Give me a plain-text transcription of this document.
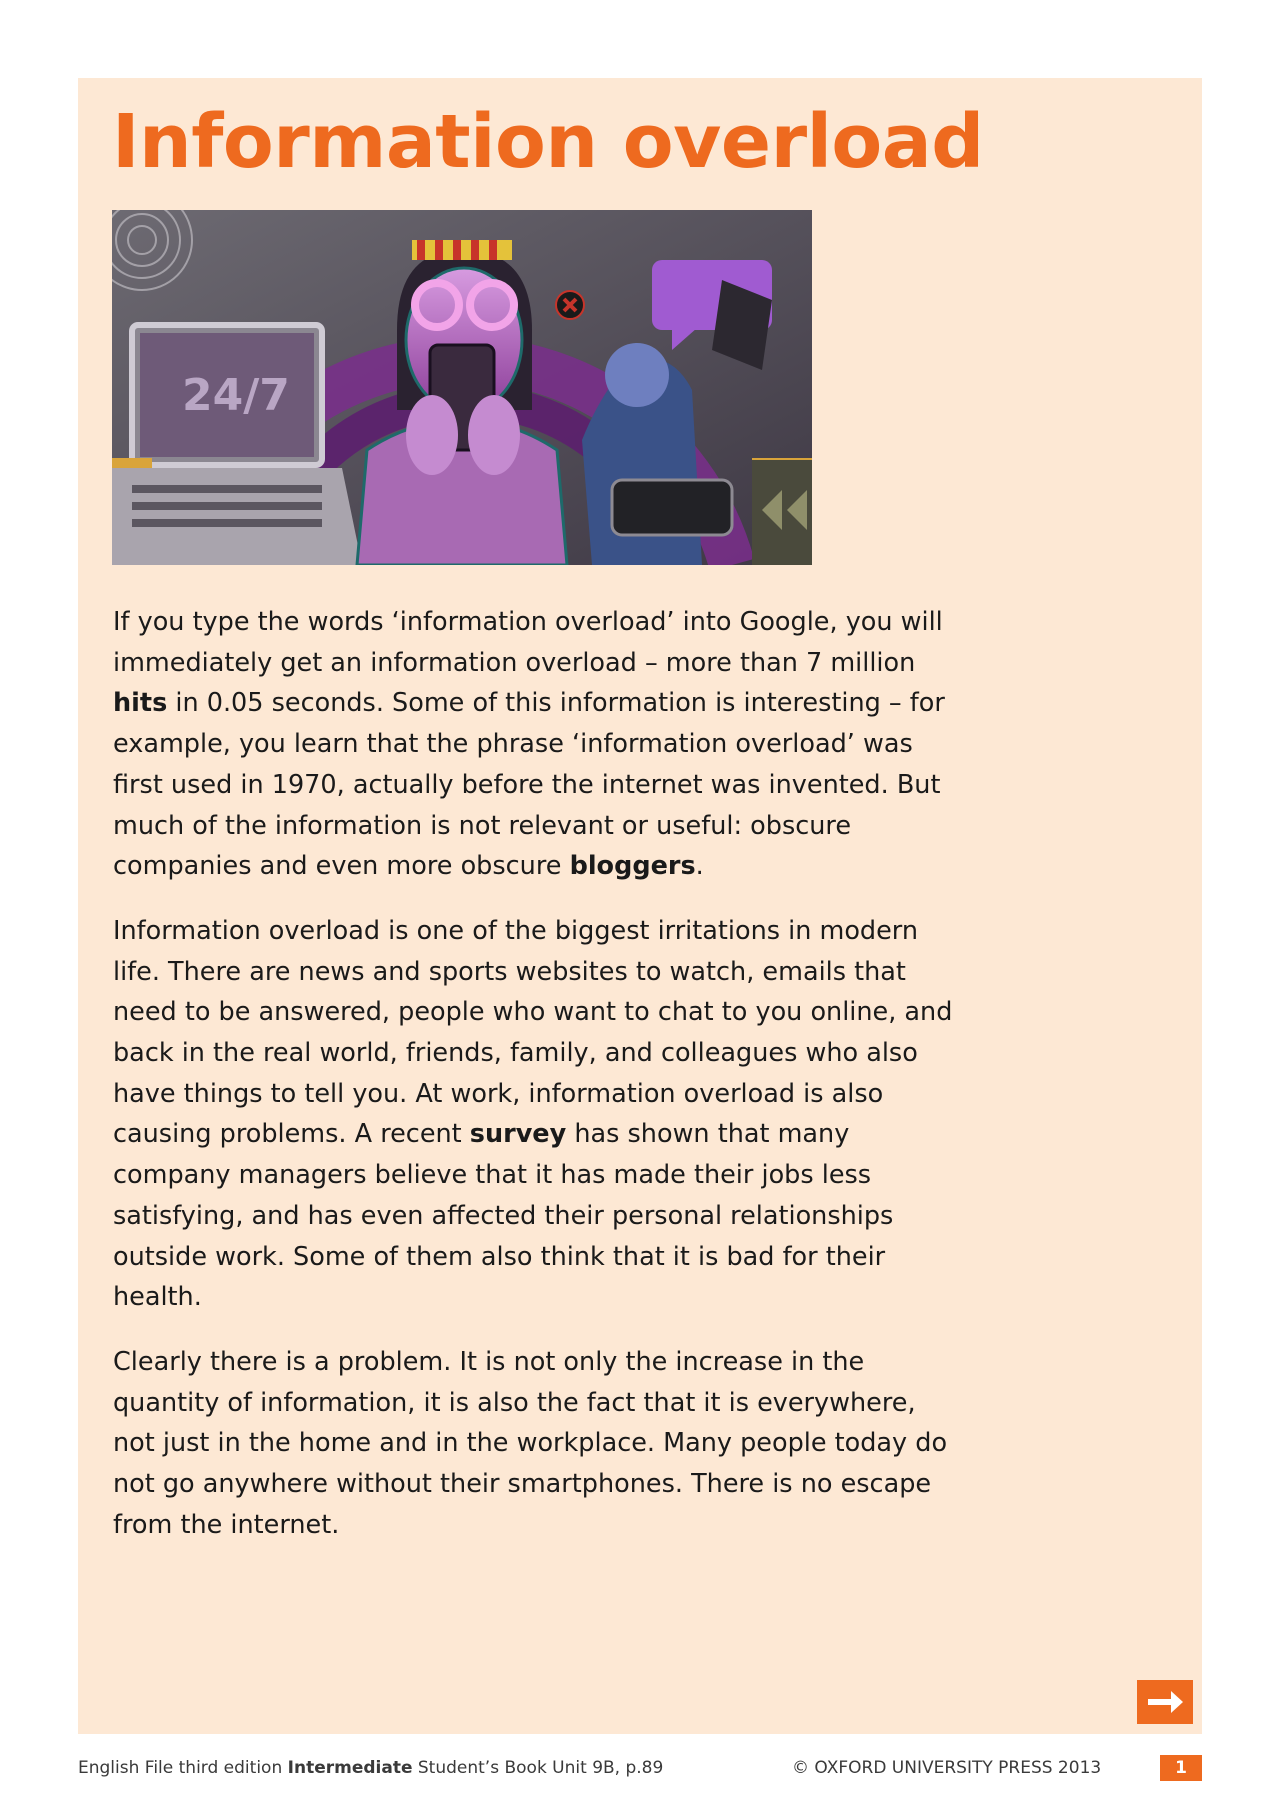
Information overload
24/7

If you type the words ‘information overload’ into Google, you will immediately get an information overload – more than 7 million hits in 0.05 seconds. Some of this information is interesting – for example, you learn that the phrase ‘information overload’ was first used in 1970, actually before the internet was invented. But much of the information is not relevant or useful: obscure companies and even more obscure bloggers.

Information overload is one of the biggest irritations in modern life. There are news and sports websites to watch, emails that need to be answered, people who want to chat to you online, and back in the real world, friends, family, and colleagues who also have things to tell you. At work, information overload is also causing problems. A recent survey has shown that many company managers believe that it has made their jobs less satisfying, and has even affected their personal relationships outside work. Some of them also think that it is bad for their health.

Clearly there is a problem. It is not only the increase in the quantity of information, it is also the fact that it is everywhere, not just in the home and in the workplace. Many people today do not go anywhere without their smartphones. There is no escape from the internet.

English File third edition Intermediate Student’s Book Unit 9B, p.89	© OXFORD UNIVERSITY PRESS 2013	1
